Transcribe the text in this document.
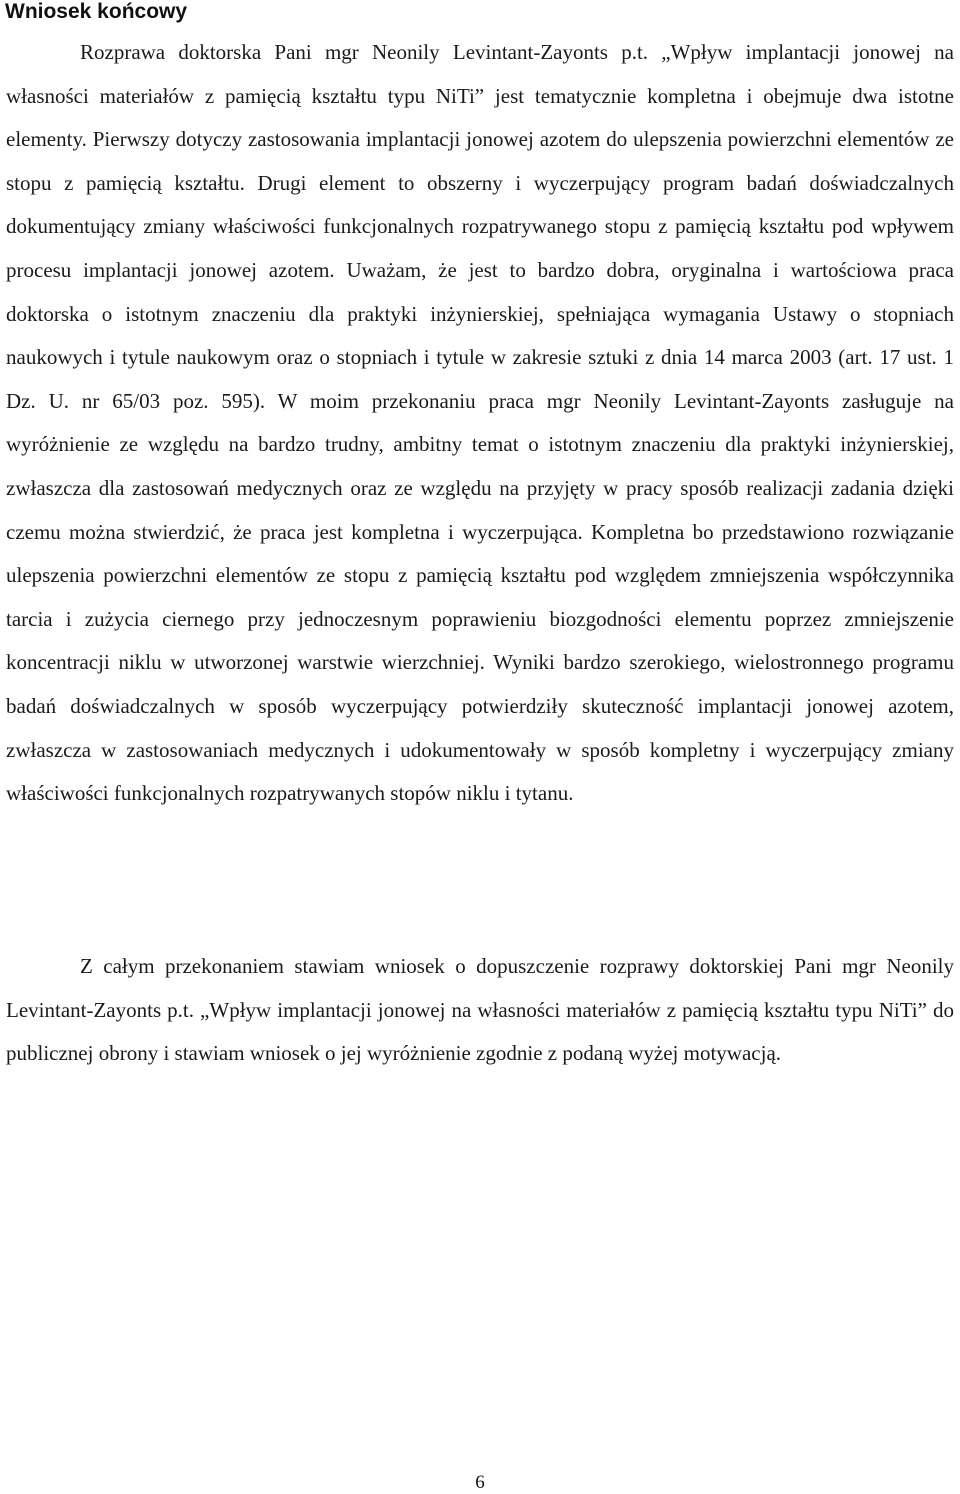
Wniosek końcowy

Rozprawa doktorska Pani mgr Neonily Levintant-Zayonts p.t. „Wpływ implantacji jonowej na własności materiałów z pamięcią kształtu typu NiTi” jest tematycznie kompletna i obejmuje dwa istotne elementy. Pierwszy dotyczy zastosowania implantacji jonowej azotem do ulepszenia powierzchni elementów ze stopu z pamięcią kształtu. Drugi element to obszerny i wyczerpujący program badań doświadczalnych dokumentujący zmiany właściwości funkcjonalnych rozpatrywanego stopu z pamięcią kształtu pod wpływem procesu implantacji jonowej azotem. Uważam, że jest to bardzo dobra, oryginalna i wartościowa praca doktorska o istotnym znaczeniu dla praktyki inżynierskiej, spełniająca wymagania Ustawy o stopniach naukowych i tytule naukowym oraz o stopniach i tytule w zakresie sztuki z dnia 14 marca 2003 (art. 17 ust. 1 Dz. U. nr 65/03 poz. 595). W moim przekonaniu praca mgr Neonily Levintant-Zayonts zasługuje na wyróżnienie ze względu na bardzo trudny, ambitny temat o istotnym znaczeniu dla praktyki inżynierskiej, zwłaszcza dla zastosowań medycznych oraz ze względu na przyjęty w pracy sposób realizacji zadania dzięki czemu można stwierdzić, że praca jest kompletna i wyczerpująca. Kompletna bo przedstawiono rozwiązanie ulepszenia powierzchni elementów ze stopu z pamięcią kształtu pod względem zmniejszenia współczynnika tarcia i zużycia ciernego przy jednoczesnym poprawieniu biozgodności elementu poprzez zmniejszenie koncentracji niklu w utworzonej warstwie wierzchniej. Wyniki bardzo szerokiego, wielostronnego programu badań doświadczalnych w sposób wyczerpujący potwierdziły skuteczność implantacji jonowej azotem, zwłaszcza w zastosowaniach medycznych i udokumentowały w sposób kompletny i wyczerpujący zmiany właściwości funkcjonalnych rozpatrywanych stopów niklu i tytanu.

Z całym przekonaniem stawiam wniosek o dopuszczenie rozprawy doktorskiej Pani mgr Neonily Levintant-Zayonts p.t. „Wpływ implantacji jonowej na własności materiałów z pamięcią kształtu typu NiTi” do publicznej obrony i stawiam wniosek o jej wyróżnienie zgodnie z podaną wyżej motywacją.

6
